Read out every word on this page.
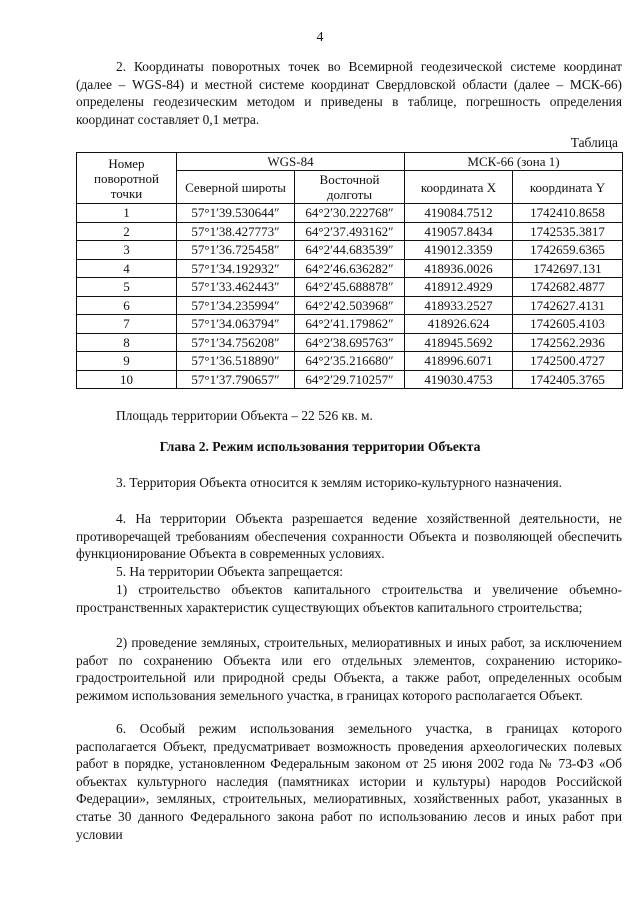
4

2. Координаты поворотных точек во Всемирной геодезической системе координат (далее – WGS-84) и местной системе координат Свердловской области (далее – МСК-66) определены геодезическим методом и приведены в таблице, погрешность определения координат составляет 0,1 метра.

Таблица
Номер поворотной точки	WGS-84		МСК-66 (зона 1)	
	Северной широты	Восточной долготы	координата X	координата Y
1	57°1′39.530644″	64°2′30.222768″	419084.7512	1742410.8658
2	57°1′38.427773″	64°2′37.493162″	419057.8434	1742535.3817
3	57°1′36.725458″	64°2′44.683539″	419012.3359	1742659.6365
4	57°1′34.192932″	64°2′46.636282″	418936.0026	1742697.131
5	57°1′33.462443″	64°2′45.688878″	418912.4929	1742682.4877
6	57°1′34.235994″	64°2′42.503968″	418933.2527	1742627.4131
7	57°1′34.063794″	64°2′41.179862″	418926.624	1742605.4103
8	57°1′34.756208″	64°2′38.695763″	418945.5692	1742562.2936
9	57°1′36.518890″	64°2′35.216680″	418996.6071	1742500.4727
10	57°1′37.790657″	64°2′29.710257″	419030.4753	1742405.3765
Площадь территории Объекта – 22 526 кв. м.
Глава 2. Режим использования территории Объекта

3. Территория Объекта относится к землям историко-культурного назначения.

4. На территории Объекта разрешается ведение хозяйственной деятельности, не противоречащей требованиям обеспечения сохранности Объекта и позволяющей обеспечить функционирование Объекта в современных условиях.

5. На территории Объекта запрещается:

1) строительство объектов капитального строительства и увеличение объемно-пространственных характеристик существующих объектов капитального строительства;

2) проведение земляных, строительных, мелиоративных и иных работ, за исключением работ по сохранению Объекта или его отдельных элементов, сохранению историко-градостроительной или природной среды Объекта, а также работ, определенных особым режимом использования земельного участка, в границах которого располагается Объект.

6. Особый режим использования земельного участка, в границах которого располагается Объект, предусматривает возможность проведения археологических полевых работ в порядке, установленном Федеральным законом от 25 июня 2002 года № 73-ФЗ «Об объектах культурного наследия (памятниках истории и культуры) народов Российской Федерации», земляных, строительных, мелиоративных, хозяйственных работ, указанных в статье 30 данного Федерального закона работ по использованию лесов и иных работ при условии
